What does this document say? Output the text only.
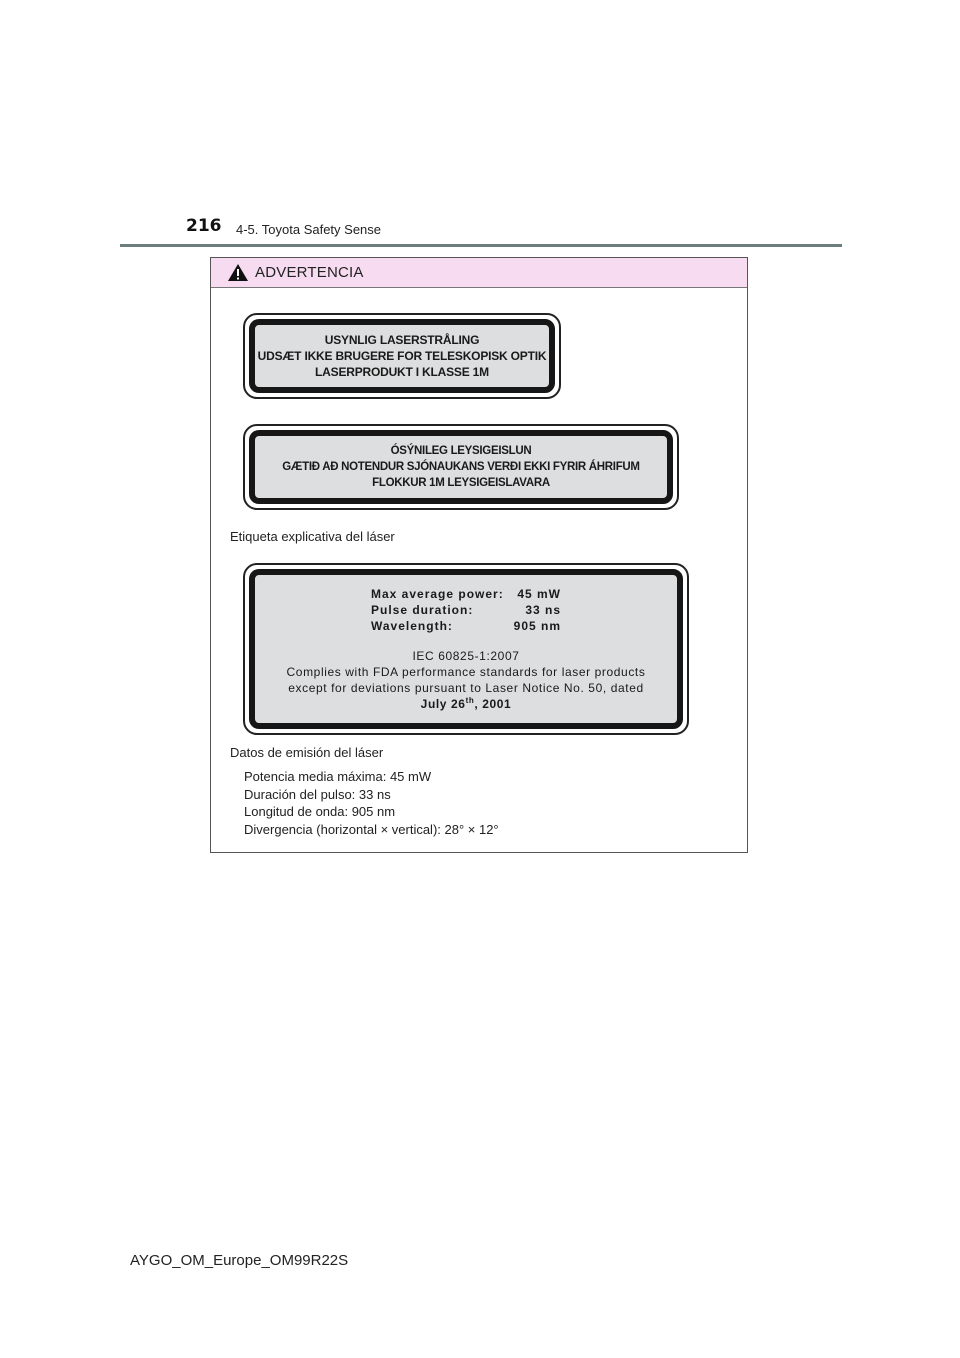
216 4-5. Toyota Safety Sense
ADVERTENCIA
USYNLIG LASERSTRÅLING
UDSÆT IKKE BRUGERE FOR TELESKOPISK OPTIK
LASERPRODUKT I KLASSE 1M
ÓSÝNILEG LEYSIGEISLUN
GÆTIÐ AÐ NOTENDUR SJÓNAUKANS VERÐI EKKI FYRIR ÁHRIFUM
FLOKKUR 1M LEYSIGEISLAVARA
Etiqueta explicativa del láser
Max average power:	45 mW
Pulse duration:	33 ns
Wavelength:	905 nm
IEC 60825-1:2007
Complies with FDA performance standards for laser products
except for deviations pursuant to Laser Notice No. 50, dated
July 26th, 2001
Datos de emisión del láser
Potencia media máxima: 45 mW
Duración del pulso: 33 ns
Longitud de onda: 905 nm
Divergencia (horizontal × vertical): 28° × 12°
AYGO_OM_Europe_OM99R22S
